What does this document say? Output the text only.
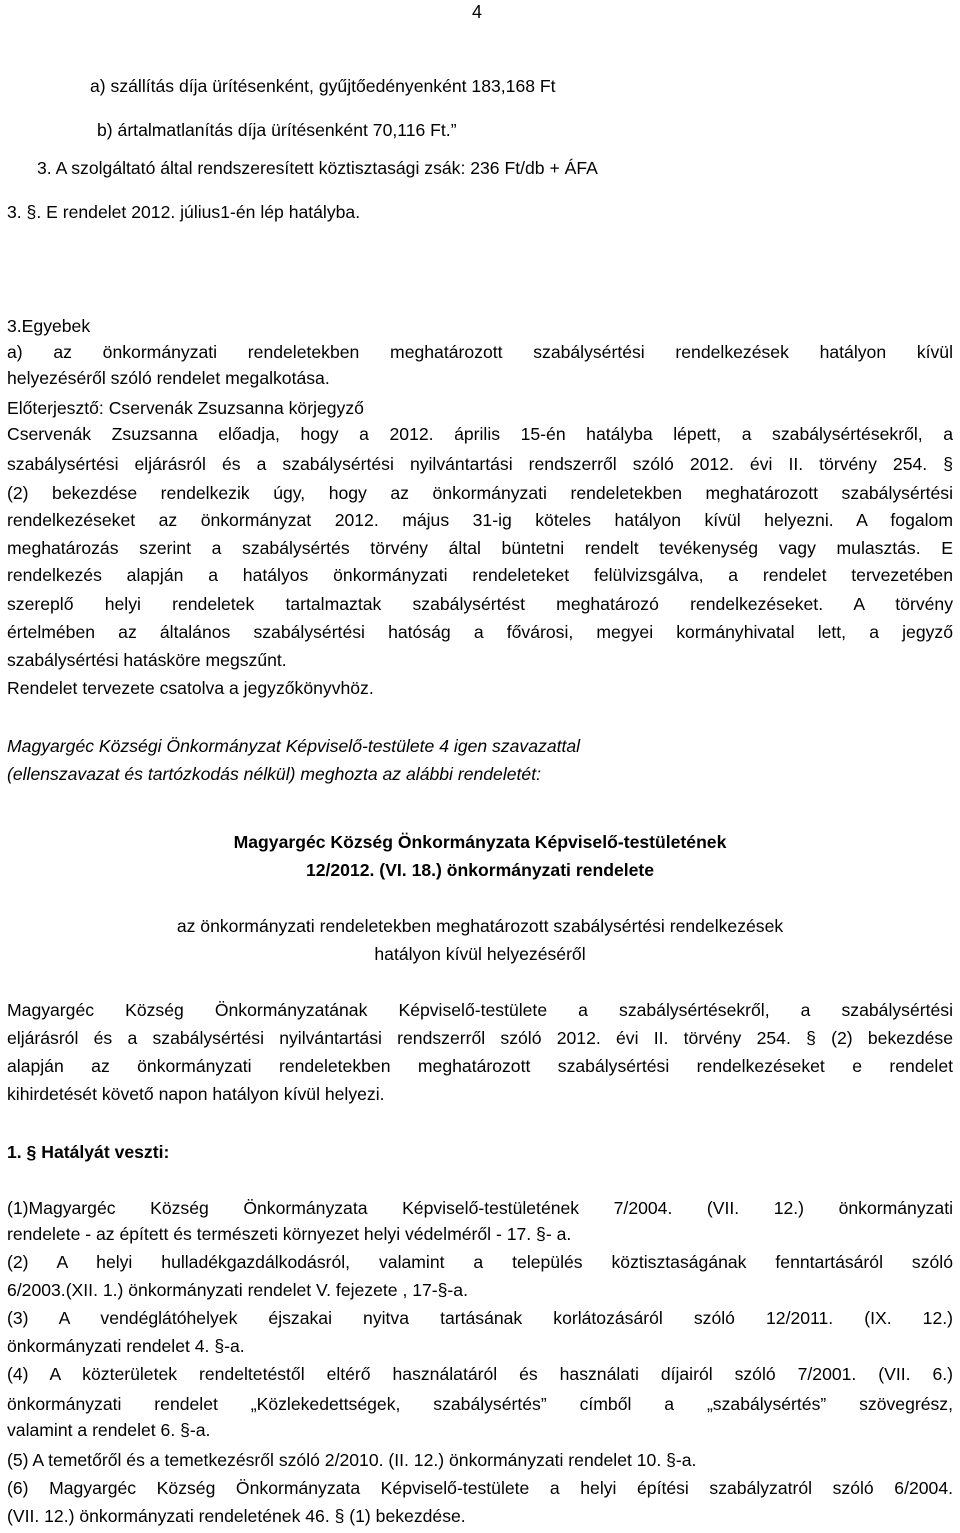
4
a) szállítás díja ürítésenként, gyűjtőedényenként 183,168 Ft
b) ártalmatlanítás díja ürítésenként 70,116 Ft.”
3. A szolgáltató által rendszeresített köztisztasági zsák: 236 Ft/db + ÁFA
3. §. E rendelet 2012. július1-én lép hatályba.
3.Egyebek
a) az önkormányzati rendeletekben meghatározott szabálysértési rendelkezések hatályon kívül
helyezéséről szóló rendelet megalkotása.
Előterjesztő: Cservenák Zsuzsanna körjegyző
Cservenák Zsuzsanna előadja, hogy a 2012. április 15-én hatályba lépett, a szabálysértésekről, a
szabálysértési eljárásról és a szabálysértési nyilvántartási rendszerről szóló 2012. évi II. törvény 254. §
(2) bekezdése rendelkezik úgy, hogy az önkormányzati rendeletekben meghatározott szabálysértési
rendelkezéseket az önkormányzat 2012. május 31-ig köteles hatályon kívül helyezni. A fogalom
meghatározás szerint a szabálysértés törvény által büntetni rendelt tevékenység vagy mulasztás. E
rendelkezés alapján a hatályos önkormányzati rendeleteket felülvizsgálva, a rendelet tervezetében
szereplő helyi rendeletek tartalmaztak szabálysértést meghatározó rendelkezéseket. A törvény
értelmében az általános szabálysértési hatóság a fővárosi, megyei kormányhivatal lett, a jegyző
szabálysértési hatásköre megszűnt.
Rendelet tervezete csatolva a jegyzőkönyvhöz.
Magyargéc Községi Önkormányzat Képviselő-testülete 4 igen szavazattal
(ellenszavazat és tartózkodás nélkül) meghozta az alábbi rendeletét:
Magyargéc Község Önkormányzata Képviselő-testületének
12/2012. (VI. 18.) önkormányzati rendelete
az önkormányzati rendeletekben meghatározott szabálysértési rendelkezések
hatályon kívül helyezéséről
Magyargéc Község Önkormányzatának Képviselő-testülete a szabálysértésekről, a szabálysértési
eljárásról és a szabálysértési nyilvántartási rendszerről szóló 2012. évi II. törvény 254. § (2) bekezdése
alapján az önkormányzati rendeletekben meghatározott szabálysértési rendelkezéseket e rendelet
kihirdetését követő napon hatályon kívül helyezi.
1. § Hatályát veszti:
(1)Magyargéc Község Önkormányzata Képviselő-testületének 7/2004. (VII. 12.) önkormányzati
rendelete - az épített és természeti környezet helyi védelméről - 17. §- a.
(2) A helyi hulladékgazdálkodásról, valamint a település köztisztaságának fenntartásáról szóló
6/2003.(XII. 1.) önkormányzati rendelet V. fejezete , 17-§-a.
(3) A vendéglátóhelyek éjszakai nyitva tartásának korlátozásáról szóló 12/2011. (IX. 12.)
önkormányzati rendelet 4. §-a.
(4) A közterületek rendeltetéstől eltérő használatáról és használati díjairól szóló 7/2001. (VII. 6.)
önkormányzati rendelet „Közlekedettségek, szabálysértés” címből a „szabálysértés” szövegrész,
valamint a rendelet 6. §-a.
(5) A temetőről és a temetkezésről szóló 2/2010. (II. 12.) önkormányzati rendelet 10. §-a.
(6) Magyargéc Község Önkormányzata Képviselő-testülete a helyi építési szabályzatról szóló 6/2004.
(VII. 12.) önkormányzati rendeletének 46. § (1) bekezdése.
